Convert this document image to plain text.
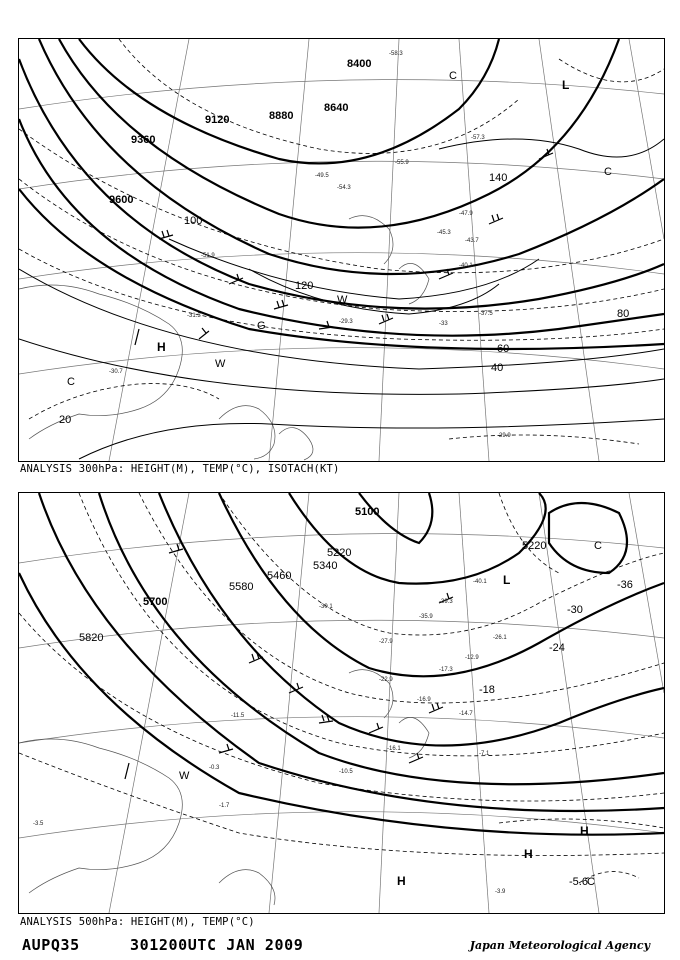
8400
8640
8880
9120
9360
9600
20
40
60
80
100
120
140
-54.3
-51.9
-47.9
-45.3
-43.7
-40.1
-37.5
-33
-29.3
-31.3
-30.7
-29.9
-57.3
-58.3
-55.9
-49.5
H
L
C
C
C
W
W
G
ANALYSIS 300hPa: HEIGHT(M), TEMP(°C), ISOTACH(KT)
5100
5220
5340
5460
5580
5700
5820
5220
-36
-30
-24
-18
-40.1
-39.3
-35.9
-30.1
-27.9
-26.1
-22.9
-17.3
-16.9
-14.7
-12.9
-11.5
-10.5
-7.1
-3.5
-1.7
-0.3
-3.9
-16.1
-5.6
H
H
H
L
C
C
W
ANALYSIS 500hPa: HEIGHT(M), TEMP(°C)
AUPQ35	301200UTC JAN 2009	Japan Meteorological Agency
